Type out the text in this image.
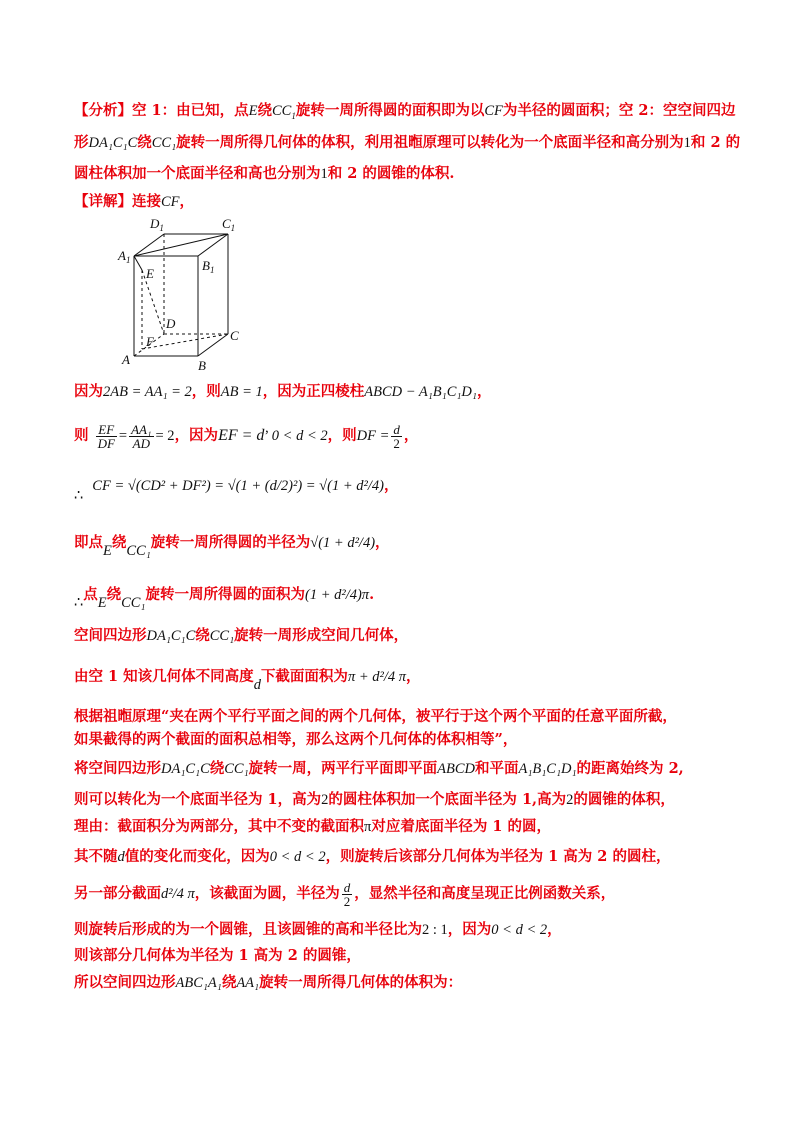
【分析】空 1：由已知，点E绕$CC_1$旋转一周所得圆的面积即为以CF为半径的圆面积；空 2：空空间四边
形DA₁C₁C绕CC₁旋转一周所得几何体的体积，利用祖暅原理可以转化为一个底面半径和高分别为1和 2 的
圆柱体积加一个底面半径和高也分别为1和 2 的圆锥的体积.
【详解】连接CF，
$D_1$	$C_1$
$A_1$	$B_1$
E
D
C
F
A	B
因为2AB = AA₁ = 2，则AB = 1，因为正四棱柱ABCD − A₁B₁C₁D₁，
则 $\frac{EF}{DF} = \frac{\text{AA₁}}{AD} = 2$，因为EF = d’ 0 < d < 2，则DF = $\frac{d}{2}$ ，
∴ CF = √(CD² + DF²) = √(1 + (d/2)²) = √(1 + d²/4)，
即点E绕CC₁旋转一周所得圆的半径为√(1 + d²/4)，
∴点E绕CC₁旋转一周所得圆的面积为(1 + d²/4)π.
空间四边形DA₁C₁C绕CC₁旋转一周形成空间几何体，
由空 1 知该几何体不同高度d下截面面积为π + d²/4 π，
根据祖暅原理“夹在两个平行平面之间的两个几何体，被平行于这个两个平面的任意平面所截，
如果截得的两个截面的面积总相等，那么这两个几何体的体积相等”，
将空间四边形DA₁C₁C绕CC₁旋转一周，两平行平面即平面ABCD和平面A₁B₁C₁D₁的距离始终为 2,
则可以转化为一个底面半径为 1，高为2的圆柱体积加一个底面半径为 1,高为2的圆锥的体积，
理由：截面积分为两部分，其中不变的截面积π对应着底面半径为 1 的圆，
其不随d值的变化而变化，因为0 < d < 2，则旋转后该部分几何体为半径为 1 高为 2 的圆柱，
另一部分截面d²/4 π，该截面为圆，半径为 $\frac{d}{2}$ ，显然半径和高度呈现正比例函数关系，
则旋转后形成的为一个圆锥，且该圆锥的高和半径比为2 : 1，因为0 < d < 2，
则该部分几何体为半径为 1 高为 2 的圆锥，
所以空间四边形ABC₁A₁绕AA₁旋转一周所得几何体的体积为：
